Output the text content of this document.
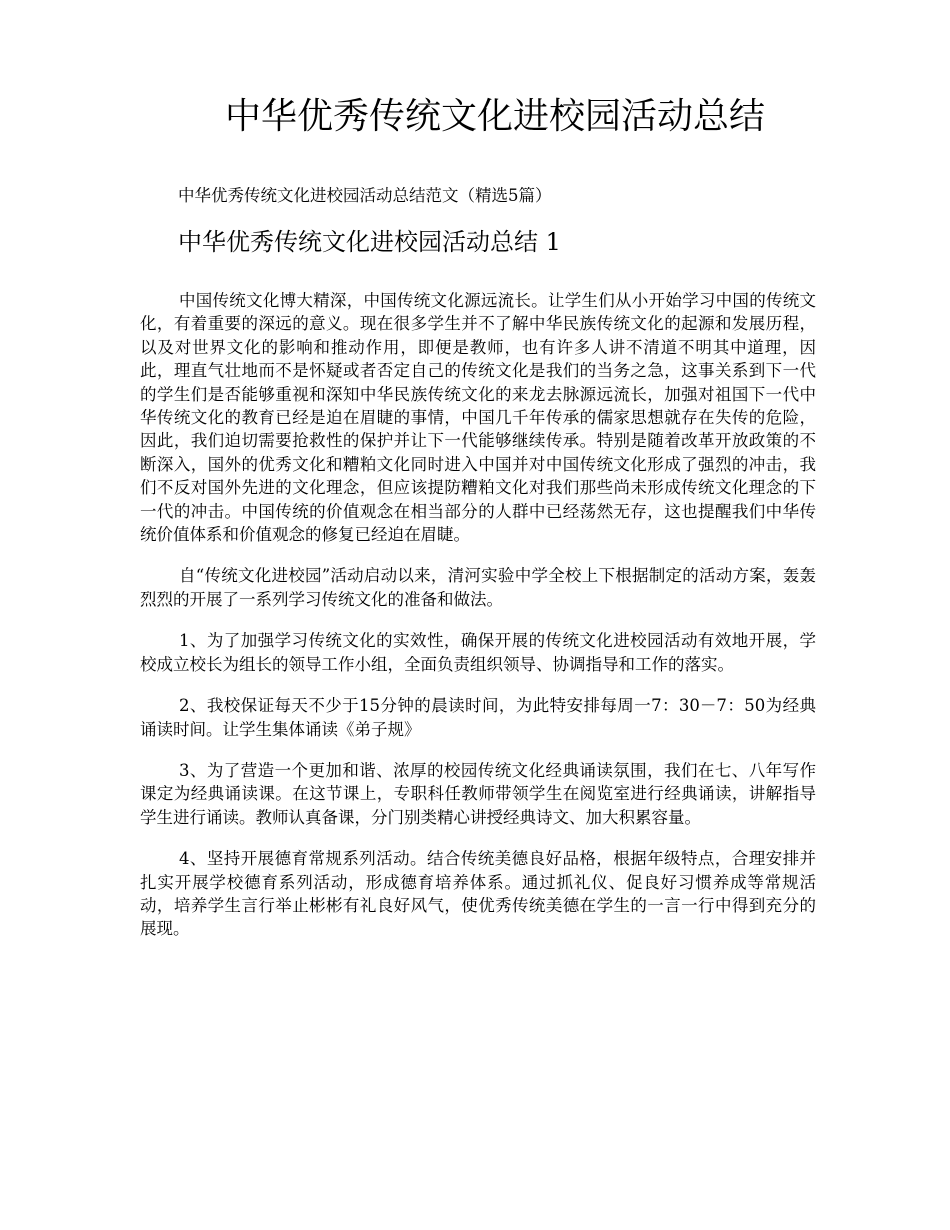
中华优秀传统文化进校园活动总结

中华优秀传统文化进校园活动总结范文（精选5篇）

中华优秀传统文化进校园活动总结 1

中国传统文化博大精深，中国传统文化源远流长。让学生们从小开始学习中国的传统文化，有着重要的深远的意义。现在很多学生并不了解中华民族传统文化的起源和发展历程，以及对世界文化的影响和推动作用，即便是教师，也有许多人讲不清道不明其中道理，因此，理直气壮地而不是怀疑或者否定自己的传统文化是我们的当务之急，这事关系到下一代的学生们是否能够重视和深知中华民族传统文化的来龙去脉源远流长，加强对祖国下一代中华传统文化的教育已经是迫在眉睫的事情，中国几千年传承的儒家思想就存在失传的危险，因此，我们迫切需要抢救性的保护并让下一代能够继续传承。特别是随着改革开放政策的不断深入，国外的优秀文化和糟粕文化同时进入中国并对中国传统文化形成了强烈的冲击，我们不反对国外先进的文化理念，但应该提防糟粕文化对我们那些尚未形成传统文化理念的下一代的冲击。中国传统的价值观念在相当部分的人群中已经荡然无存，这也提醒我们中华传统价值体系和价值观念的修复已经迫在眉睫。

自“传统文化进校园”活动启动以来，清河实验中学全校上下根据制定的活动方案，轰轰烈烈的开展了一系列学习传统文化的准备和做法。

1、为了加强学习传统文化的实效性，确保开展的传统文化进校园活动有效地开展，学校成立校长为组长的领导工作小组，全面负责组织领导、协调指导和工作的落实。

2、我校保证每天不少于15分钟的晨读时间，为此特安排每周一7：30－7：50为经典诵读时间。让学生集体诵读《弟子规》

3、为了营造一个更加和谐、浓厚的校园传统文化经典诵读氛围，我们在七、八年写作课定为经典诵读课。在这节课上，专职科任教师带领学生在阅览室进行经典诵读，讲解指导学生进行诵读。教师认真备课，分门别类精心讲授经典诗文、加大积累容量。

4、坚持开展德育常规系列活动。结合传统美德良好品格，根据年级特点，合理安排并扎实开展学校德育系列活动，形成德育培养体系。通过抓礼仪、促良好习惯养成等常规活动，培养学生言行举止彬彬有礼良好风气，使优秀传统美德在学生的一言一行中得到充分的展现。
